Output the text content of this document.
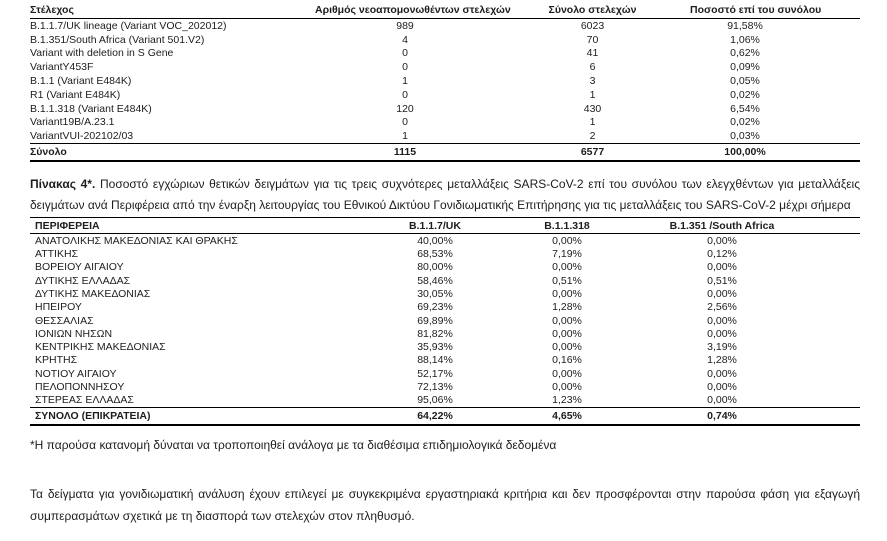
Στέλεχος	Αριθμός νεοαπομονωθέντων στελεχών	Σύνολο στελεχών	Ποσοστό επί του συνόλου
B.1.1.7/UK lineage (Variant VOC_202012)	989	6023	91,58%
B.1.351/South Africa (Variant 501.V2)	4	70	1,06%
Variant with deletion in S Gene	0	41	0,62%
VariantY453F	0	6	0,09%
B.1.1 (Variant E484K)	1	3	0,05%
R1 (Variant E484K)	0	1	0,02%
B.1.1.318 (Variant E484K)	120	430	6,54%
Variant19B/A.23.1	0	1	0,02%
VariantVUI-202102/03	1	2	0,03%
Σύνολο	1115	6577	100,00%

Πίνακας 4*. Ποσοστό εγχώριων θετικών δειγμάτων για τις τρεις συχνότερες μεταλλάξεις SARS-CoV-2 επί του συνόλου των ελεγχθέντων για μεταλλάξεις δειγμάτων ανά Περιφέρεια από την έναρξη λειτουργίας του Εθνικού Δικτύου Γονιδιωματικής Επιτήρησης για τις μεταλλάξεις του SARS-CoV-2 μέχρι σήμερα

ΠΕΡΙΦΕΡΕΙΑ	B.1.1.7/UK	B.1.1.318	B.1.351 /South Africa
ΑΝΑΤΟΛΙΚΗΣ ΜΑΚΕΔΟΝΙΑΣ ΚΑΙ ΘΡΑΚΗΣ	40,00%	0,00%	0,00%
ΑΤΤΙΚΗΣ	68,53%	7,19%	0,12%
ΒΟΡΕΙΟΥ ΑΙΓΑΙΟΥ	80,00%	0,00%	0,00%
ΔΥΤΙΚΗΣ ΕΛΛΑΔΑΣ	58,46%	0,51%	0,51%
ΔΥΤΙΚΗΣ ΜΑΚΕΔΟΝΙΑΣ	30,05%	0,00%	0,00%
ΗΠΕΙΡΟΥ	69,23%	1,28%	2,56%
ΘΕΣΣΑΛΙΑΣ	69,89%	0,00%	0,00%
ΙΟΝΙΩΝ ΝΗΣΩΝ	81,82%	0,00%	0,00%
ΚΕΝΤΡΙΚΗΣ ΜΑΚΕΔΟΝΙΑΣ	35,93%	0,00%	3,19%
ΚΡΗΤΗΣ	88,14%	0,16%	1,28%
ΝΟΤΙΟΥ ΑΙΓΑΙΟΥ	52,17%	0,00%	0,00%
ΠΕΛΟΠΟΝΝΗΣΟΥ	72,13%	0,00%	0,00%
ΣΤΕΡΕΑΣ ΕΛΛΑΔΑΣ	95,06%	1,23%	0,00%
ΣΥΝΟΛΟ (ΕΠΙΚΡΑΤΕΙΑ)	64,22%	4,65%	0,74%

*Η παρούσα κατανομή δύναται να τροποποιηθεί ανάλογα με τα διαθέσιμα επιδημιολογικά δεδομένα

Τα δείγματα για γονιδιωματική ανάλυση έχουν επιλεγεί με συγκεκριμένα εργαστηριακά κριτήρια και δεν προσφέρονται στην παρούσα φάση για εξαγωγή συμπερασμάτων σχετικά με τη διασπορά των στελεχών στον πληθυσμό.
